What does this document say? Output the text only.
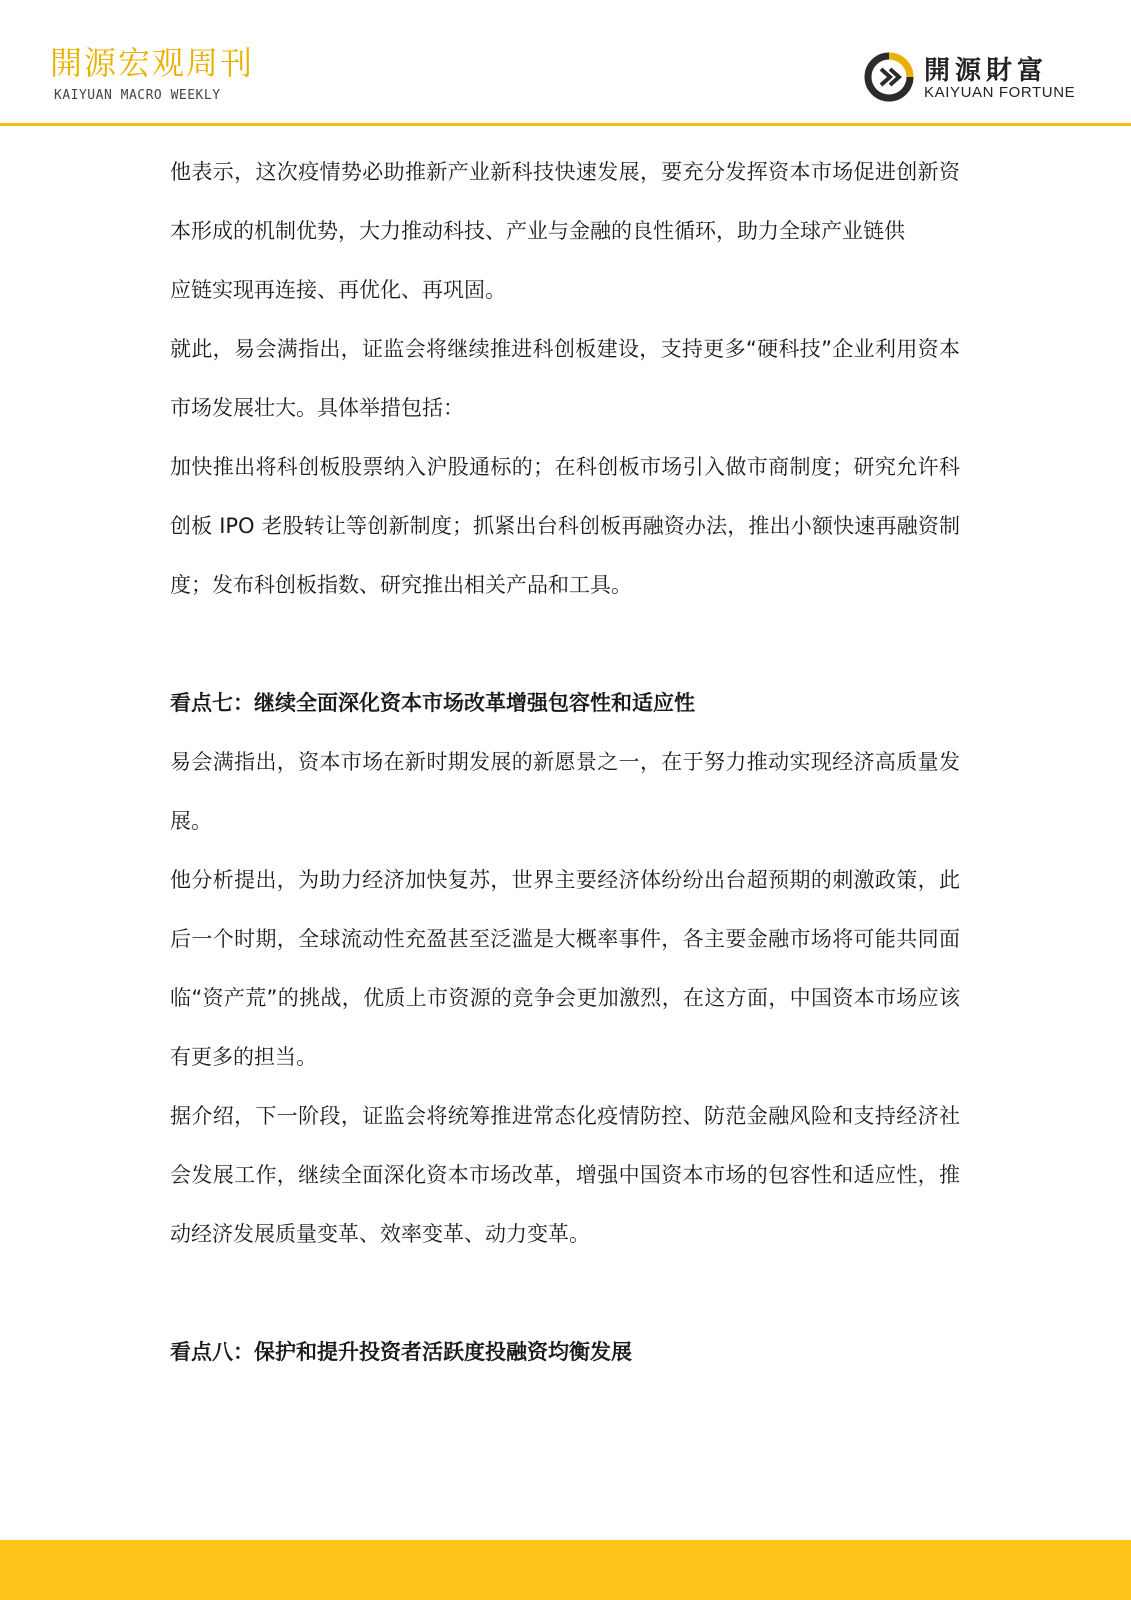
開源宏观周刊
KAIYUAN MACRO WEEKLY
開源財富
KAIYUAN FORTUNE

他表示，这次疫情势必助推新产业新科技快速发展，要充分发挥资本市场促进创新资本形成的机制优势，大力推动科技、产业与金融的良性循环，助力全球产业链供

应链实现再连接、再优化、再巩固。

就此，易会满指出，证监会将继续推进科创板建设，支持更多“硬科技”企业利用资本市场发展壮大。具体举措包括：

加快推出将科创板股票纳入沪股通标的；在科创板市场引入做市商制度；研究允许科创板 IPO 老股转让等创新制度；抓紧出台科创板再融资办法，推出小额快速再融资制度；发布科创板指数、研究推出相关产品和工具。

看点七：继续全面深化资本市场改革增强包容性和适应性

易会满指出，资本市场在新时期发展的新愿景之一，在于努力推动实现经济高质量发展。

他分析提出，为助力经济加快复苏，世界主要经济体纷纷出台超预期的刺激政策，此后一个时期，全球流动性充盈甚至泛滥是大概率事件，各主要金融市场将可能共同面临“资产荒”的挑战，优质上市资源的竞争会更加激烈，在这方面，中国资本市场应该有更多的担当。

据介绍，下一阶段，证监会将统筹推进常态化疫情防控、防范金融风险和支持经济社会发展工作，继续全面深化资本市场改革，增强中国资本市场的包容性和适应性，推动经济发展质量变革、效率变革、动力变革。

看点八：保护和提升投资者活跃度投融资均衡发展
